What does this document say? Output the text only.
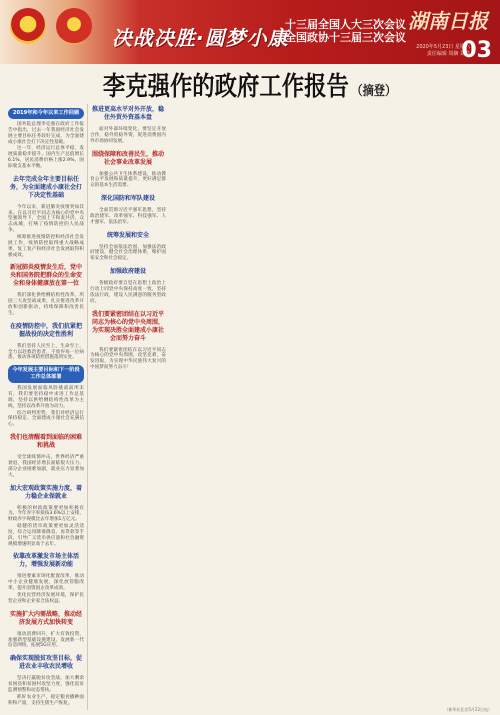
决战决胜·圆梦小康
十三届全国人大三次会议
全国政协十三届三次会议
湖南日报
2020年5月23日 星期六
责任编辑 周娴 刘浩
03
李克强作的政府工作报告 （摘登）
2019年和今年以来工作回顾

国务院总理李克强在政府工作报告中指出，过去一年我国经济社会发展主要目标任务较好完成，为全面建成小康社会打下决定性基础。

这一年，经济运行总体平稳，发展质量稳步提升。国内生产总值增长6.1%，居民消费价格上涨2.9%，国际收支基本平衡。

去年完成全年主要目标任务，为全面建成小康社会打下决定性基础

今年以来，新冠肺炎疫情突如其来。在以习近平同志为核心的党中央坚强领导下，全国上下和衷共济、众志成城，打响了疫情防控的人民战争。

统筹推进疫情防控和经济社会发展工作，疫情防控取得重大战略成果，复工复产和经济社会发展取得积极成效。

新冠肺炎疫情发生后，党中央和国务院把群众的生命安全和身体健康放在第一位

我们深化供给侧结构性改革，巩固三大攻坚战成果，扎实推进改革开放和创新驱动，持续保障和改善民生。

在疫情防控中，我们抗紧把握战役的决定性胜利

我们坚持人民至上、生命至上，全力以赴救治患者，不放弃每一位病患，推动各项防控措施落到实处。

今年发展主要目标和下一阶段工作总体部署

我国发展面临风险挑战前所未有，我们要坚持稳中求进工作总基调，坚持以供给侧结构性改革为主线，坚持以改革开放为动力。

综合研判形势，我们对经济运行保持稳定、全面建成小康社会充满信心。

我们也清醒看到面临的困难和挑战

受全球疫情冲击，世界经济严重衰退，我国经济增长面临很大压力。部分企业困难加剧，就业压力显著加大。

加大宏观政策实施力度，着力稳企业保就业

积极的财政政策要更加积极有为。今年赤字率拟按3.6%以上安排，财政赤字规模比去年增加1万亿元。

稳健的货币政策要更加灵活适度，综合运用降准降息、再贷款等手段，引导广义货币供应量和社会融资规模增速明显高于去年。

依靠改革激发市场主体活力，增强发展新动能

推进要素市场化配置改革，推动中小企业健康发展，深化放管服改革，提升国资国企改革成效。

优化民营经济发展环境，保护民营企业和企业家合法权益。

实施扩大内需战略，推动经济发展方式加快转变

推动消费回升，扩大有效投资，加强新型基础设施建设，发展新一代信息网络，拓展5G应用。

确保实现脱贫攻坚目标，促进农业丰收农民增收

坚决打赢脱贫攻坚战。加大剩余贫困县和贫困村攻坚力度，强化返贫监测预警和动态帮扶。

抓好农业生产，稳定粮食播种面积和产量，支持生猪生产恢复。

推进更高水平对外开放，稳住外贸外资基本盘

面对外部环境变化，要坚定开放合作，稳外贸稳外资，促进消费国内外市场协同发展。

围绕保障和改善民生，推动社会事业改革发展

加强公共卫生体系建设，推动教育公平发展和质量提升，更好满足群众的基本生活需要。

深化国防和军队建设

全面贯彻习近平强军思想，坚持政治建军、改革强军、科技强军、人才强军、依法治军。

统筹发展和安全

坚持全面依法治国，加强法治政府建设，健全社会治理体系，维护国家安全和社会稳定。

加强政府建设

各级政府要自觉在思想上政治上行动上同党中央保持高度一致，坚持依法行政，建设人民满意的服务型政府。

我们要紧密团结在以习近平同志为核心的党中央周围，为实现决胜全面建成小康社会而努力奋斗

我们要紧密团结在以习近平同志为核心的党中央周围，攻坚克难，奋发进取，为实现中华民族伟大复兴的中国梦而努力奋斗！

（新华社北京5月22日电）
